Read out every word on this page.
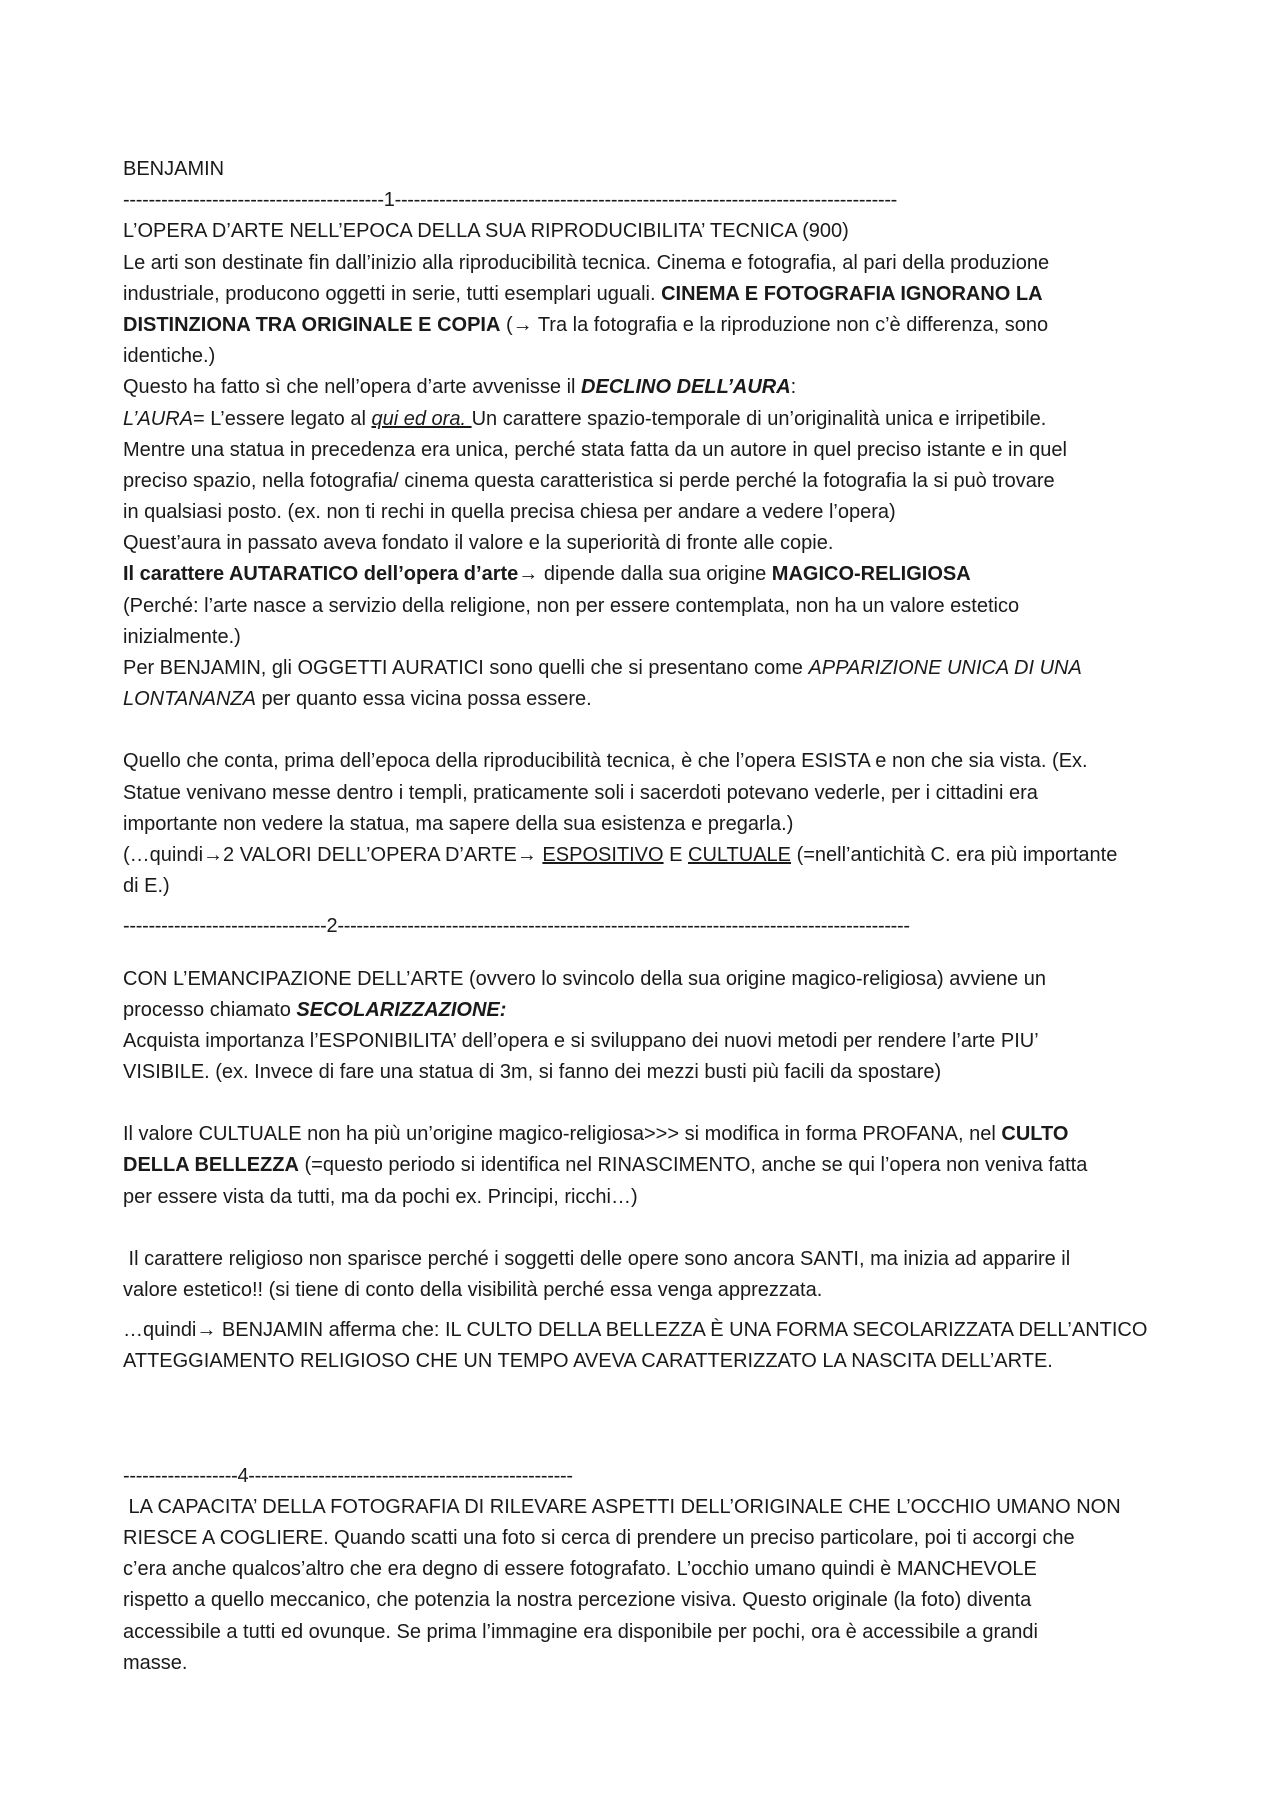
BENJAMIN
-----------------------------------------1-------------------------------------------------------------------------------
L’OPERA D’ARTE NELL’EPOCA DELLA SUA RIPRODUCIBILITA’ TECNICA (900)
Le arti son destinate fin dall’inizio alla riproducibilità tecnica. Cinema e fotografia, al pari della produzione
industriale, producono oggetti in serie, tutti esemplari uguali. CINEMA E FOTOGRAFIA IGNORANO LA
DISTINZIONA TRA ORIGINALE E COPIA (→ Tra la fotografia e la riproduzione non c’è differenza, sono
identiche.)
Questo ha fatto sì che nell’opera d’arte avvenisse il DECLINO DELL’AURA:
L’AURA= L’essere legato al qui ed ora. Un carattere spazio-temporale di un’originalità unica e irripetibile.
Mentre una statua in precedenza era unica, perché stata fatta da un autore in quel preciso istante e in quel
preciso spazio, nella fotografia/ cinema questa caratteristica si perde perché la fotografia la si può trovare
in qualsiasi posto. (ex. non ti rechi in quella precisa chiesa per andare a vedere l’opera)
Quest’aura in passato aveva fondato il valore e la superiorità di fronte alle copie.
Il carattere AUTARATICO dell’opera d’arte→ dipende dalla sua origine MAGICO-RELIGIOSA
(Perché: l’arte nasce a servizio della religione, non per essere contemplata, non ha un valore estetico
inizialmente.)
Per BENJAMIN, gli OGGETTI AURATICI sono quelli che si presentano come APPARIZIONE UNICA DI UNA
LONTANANZA per quanto essa vicina possa essere.
Quello che conta, prima dell’epoca della riproducibilità tecnica, è che l’opera ESISTA e non che sia vista. (Ex.
Statue venivano messe dentro i templi, praticamente soli i sacerdoti potevano vederle, per i cittadini era
importante non vedere la statua, ma sapere della sua esistenza e pregarla.)
(…quindi→2 VALORI DELL’OPERA D’ARTE→ ESPOSITIVO E CULTUALE (=nell’antichità C. era più importante
di E.)
--------------------------------2------------------------------------------------------------------------------------------
CON L’EMANCIPAZIONE DELL’ARTE (ovvero lo svincolo della sua origine magico-religiosa) avviene un
processo chiamato SECOLARIZZAZIONE:
Acquista importanza l’ESPONIBILITA’ dell’opera e si sviluppano dei nuovi metodi per rendere l’arte PIU’
VISIBILE. (ex. Invece di fare una statua di 3m, si fanno dei mezzi busti più facili da spostare)
Il valore CULTUALE non ha più un’origine magico-religiosa>>> si modifica in forma PROFANA, nel CULTO
DELLA BELLEZZA (=questo periodo si identifica nel RINASCIMENTO, anche se qui l’opera non veniva fatta
per essere vista da tutti, ma da pochi ex. Principi, ricchi…)
Il carattere religioso non sparisce perché i soggetti delle opere sono ancora SANTI, ma inizia ad apparire il
valore estetico!! (si tiene di conto della visibilità perché essa venga apprezzata.
…quindi→ BENJAMIN afferma che: IL CULTO DELLA BELLEZZA È UNA FORMA SECOLARIZZATA DELL’ANTICO
ATTEGGIAMENTO RELIGIOSO CHE UN TEMPO AVEVA CARATTERIZZATO LA NASCITA DELL’ARTE.
------------------4---------------------------------------------------
LA CAPACITA’ DELLA FOTOGRAFIA DI RILEVARE ASPETTI DELL’ORIGINALE CHE L’OCCHIO UMANO NON
RIESCE A COGLIERE. Quando scatti una foto si cerca di prendere un preciso particolare, poi ti accorgi che
c’era anche qualcos’altro che era degno di essere fotografato. L’occhio umano quindi è MANCHEVOLE
rispetto a quello meccanico, che potenzia la nostra percezione visiva. Questo originale (la foto) diventa
accessibile a tutti ed ovunque. Se prima l’immagine era disponibile per pochi, ora è accessibile a grandi
masse.
